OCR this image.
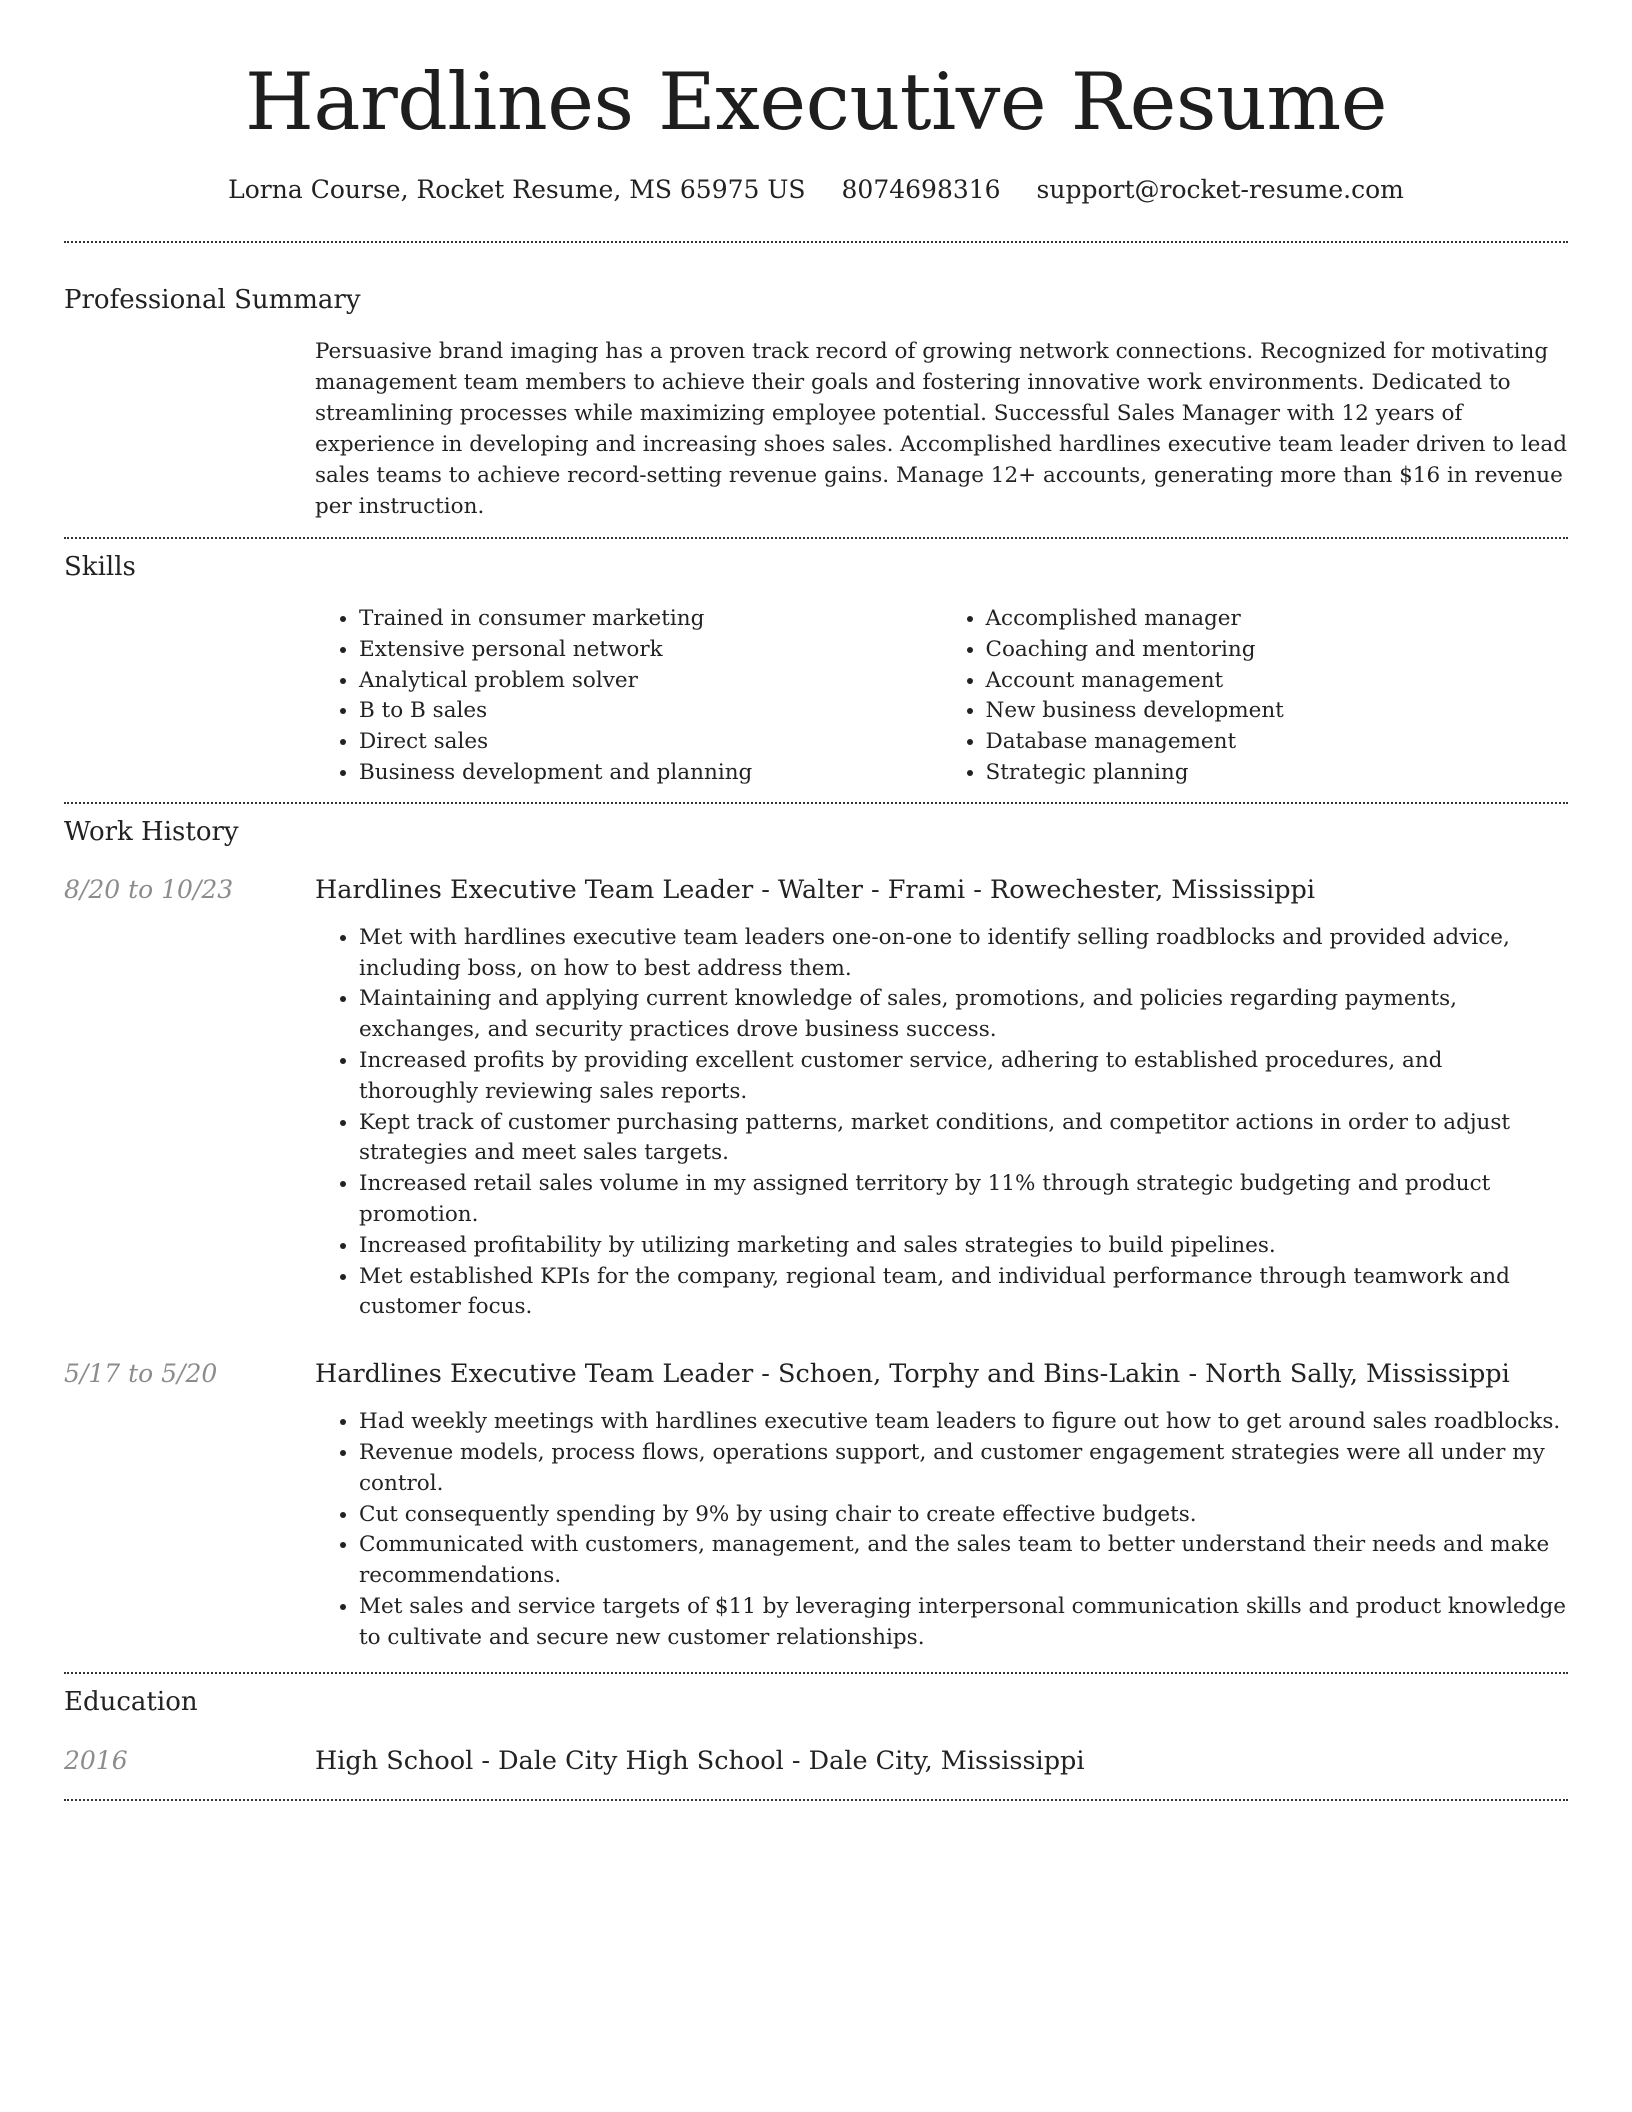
Hardlines Executive Resume
Lorna Course, Rocket Resume, MS 65975 US 8074698316 support@rocket-resume.com
Professional Summary

Persuasive brand imaging has a proven track record of growing network connections. Recognized for motivating management team members to achieve their goals and fostering innovative work environments. Dedicated to streamlining processes while maximizing employee potential. Successful Sales Manager with 12 years of experience in developing and increasing shoes sales. Accomplished hardlines executive team leader driven to lead sales teams to achieve record-setting revenue gains. Manage 12+ accounts, generating more than $16 in revenue per instruction.

Skills
• Trained in consumer marketing
• Extensive personal network
• Analytical problem solver
• B to B sales
• Direct sales
• Business development and planning
• Accomplished manager
• Coaching and mentoring
• Account management
• New business development
• Database management
• Strategic planning
Work History
8/20 to 10/23	Hardlines Executive Team Leader - Walter - Frami - Rowechester, Mississippi
• Met with hardlines executive team leaders one-on-one to identify selling roadblocks and provided advice, including boss, on how to best address them.
• Maintaining and applying current knowledge of sales, promotions, and policies regarding payments, exchanges, and security practices drove business success.
• Increased profits by providing excellent customer service, adhering to established procedures, and thoroughly reviewing sales reports.
• Kept track of customer purchasing patterns, market conditions, and competitor actions in order to adjust strategies and meet sales targets.
• Increased retail sales volume in my assigned territory by 11% through strategic budgeting and product promotion.
• Increased profitability by utilizing marketing and sales strategies to build pipelines.
• Met established KPIs for the company, regional team, and individual performance through teamwork and customer focus.
5/17 to 5/20	Hardlines Executive Team Leader - Schoen, Torphy and Bins-Lakin - North Sally, Mississippi
• Had weekly meetings with hardlines executive team leaders to figure out how to get around sales roadblocks.
• Revenue models, process flows, operations support, and customer engagement strategies were all under my control.
• Cut consequently spending by 9% by using chair to create effective budgets.
• Communicated with customers, management, and the sales team to better understand their needs and make recommendations.
• Met sales and service targets of $11 by leveraging interpersonal communication skills and product knowledge to cultivate and secure new customer relationships.
Education
2016	High School - Dale City High School - Dale City, Mississippi
